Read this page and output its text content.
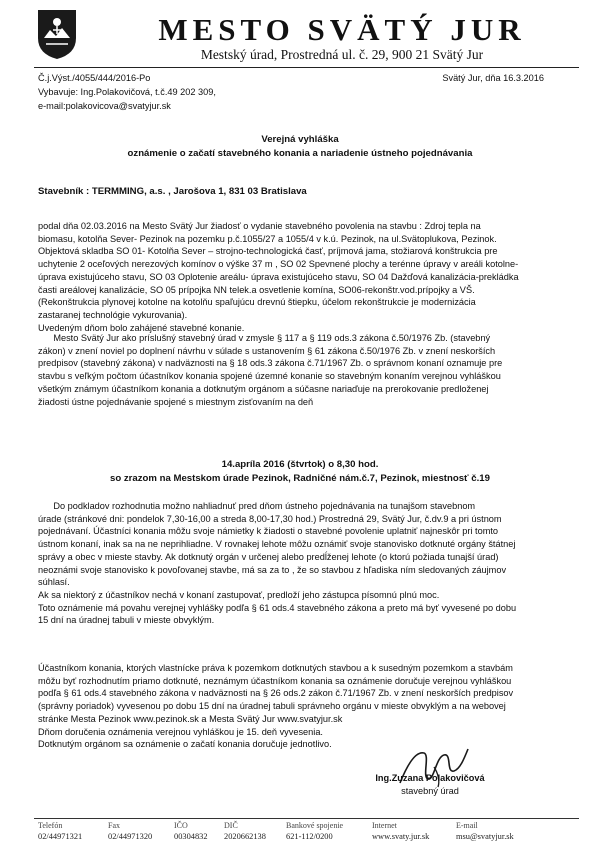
MESTO SVÄTÝ JUR
Mestský úrad, Prostredná ul. č. 29, 900 21 Svätý Jur
Č.j.Výst./4055/444/2016-Po
Vybavuje: Ing.Polakovičová, t.č.49 202 309,
e-mail:polakovicova@svatyjur.sk
Svätý Jur, dňa 16.3.2016
Verejná vyhláška
oznámenie o začatí stavebného konania a nariadenie ústneho pojednávania
Stavebník : TERMMING, a.s. , Jarošova 1, 831 03 Bratislava
podal dňa 02.03.2016 na Mesto Svätý Jur žiadosť o vydanie stavebného povolenia na stavbu : Zdroj tepla na
biomasu, kotolňa Sever- Pezinok na pozemku p.č.1055/27 a 1055/4 v k.ú. Pezinok, na ul.Svätoplukova, Pezinok.
Objektová skladba SO 01- Kotolňa Sever – strojno-technologická časť, príjmová jama, stožiarová konštrukcia pre
uchytenie 2 oceľových nerezových komínov o výške 37 m , SO 02 Spevnené plochy a terénne úpravy v areáli kotolne-
úprava existujúceho stavu, SO 03 Oplotenie areálu- úprava existujúceho stavu, SO 04 Dažďová kanalizácia-prekládka
časti areálovej kanalizácie, SO 05 prípojka NN telek.a osvetlenie komína, SO06-rekonštr.vod.prípojky a VŠ.
(Rekonštrukcia plynovej kotolne na kotolňu spaľujúcu drevnú štiepku, účelom rekonštrukcie je modernizácia
zastaranej technológie vykurovania).
Uvedeným dňom bolo zahájené stavebné konanie.
Mesto Svätý Jur ako príslušný stavebný úrad v zmysle § 117 a § 119 ods.3 zákona č.50/1976 Zb. (stavebný
zákon) v znení noviel po doplnení návrhu v súlade s ustanovením § 61 zákona č.50/1976 Zb. v znení neskorších
predpisov (stavebný zákona) v nadväznosti na § 18 ods.3 zákona č.71/1967 Zb. o správnom konaní oznamuje pre
stavbu s veľkým počtom účastníkov konania spojené územné konanie so stavebným konaním verejnou vyhláškou
všetkým známym účastníkom konania a dotknutým orgánom a súčasne nariaďuje na prerokovanie predloženej
žiadosti ústne pojednávanie spojené s miestnym zisťovaním na deň
14.apríla 2016 (štvrtok) o 8,30 hod.
so zrazom na Mestskom úrade Pezinok, Radničné nám.č.7, Pezinok, miestnosť č.19
Do podkladov rozhodnutia možno nahliadnuť pred dňom ústneho pojednávania na tunajšom stavebnom
úrade (stránkové dni: pondelok 7,30-16,00 a streda 8,00-17,30 hod.) Prostredná 29, Svätý Jur, č.dv.9 a pri ústnom
pojednávaní. Účastníci konania môžu svoje námietky k žiadosti o stavebné povolenie uplatniť najneskôr pri tomto
ústnom konaní, inak sa na ne neprihliadne. V rovnakej lehote môžu oznámiť svoje stanovisko dotknuté orgány štátnej
správy a obec v mieste stavby. Ak dotknutý orgán v určenej alebo predĺženej lehote (o ktorú požiada tunajší úrad)
neoznámi svoje stanovisko k povoľovanej stavbe, má sa za to , že so stavbou z hľadiska ním sledovaných záujmov
súhlasí.
Ak sa niektorý z účastníkov nechá v konaní zastupovať, predloží jeho zástupca písomnú plnú moc.
Toto oznámenie má povahu verejnej vyhlášky podľa § 61 ods.4 stavebného zákona a preto má byť vyvesené po dobu
15 dní na úradnej tabuli v mieste obvyklým.
Účastníkom konania, ktorých vlastnícke práva k pozemkom dotknutých stavbou a k susedným pozemkom a stavbám
môžu byť rozhodnutím priamo dotknuté, neznámym účastníkom konania sa oznámenie doručuje verejnou vyhláškou
podľa § 61 ods.4 stavebného zákona v nadväznosti na § 26 ods.2 zákon č.71/1967 Zb. v znení neskorších predpisov
(správny poriadok) vyvesenou po dobu 15 dní na úradnej tabuli správneho orgánu v mieste obvyklým a na webovej
stránke Mesta Pezinok www.pezinok.sk a Mesta Svätý Jur www.svatyjur.sk
Dňom doručenia oznámenia verejnou vyhláškou je 15. deň vyvesenia.
Dotknutým orgánom sa oznámenie o začatí konania doručuje jednotlivo.
Ing.Zuzana Polakovičová
stavebný úrad
Telefón
02/44971321
Fax
02/44971320
IČO
00304832
DIČ
2020662138
Bankové spojenie
621-112/0200
Internet
www.svaty.jur.sk
E-mail
msu@svatyjur.sk
